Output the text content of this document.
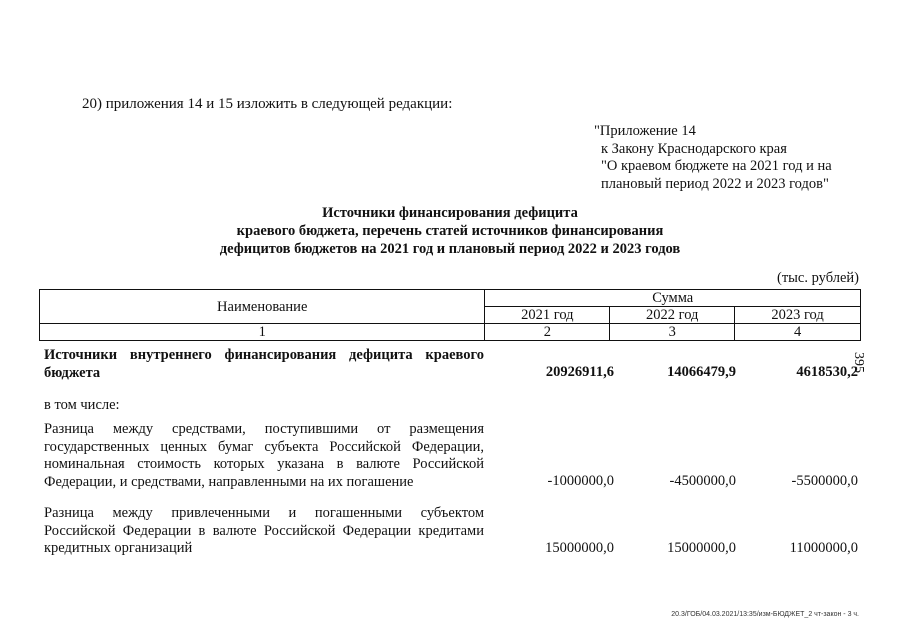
20) приложения 14 и 15 изложить в следующей редакции:
"Приложение 14
к Закону Краснодарского края
"О краевом бюджете на 2021 год и на
плановый период 2022 и 2023 годов"
Источники финансирования дефицита
краевого бюджета, перечень статей источников финансирования
дефицитов бюджетов на 2021 год и плановый период 2022 и 2023 годов
(тыс. рублей)
395
Наименование	Сумма		
	2021 год	2022 год	2023 год
1	2	3	4
Источники внутреннего финансирования дефицита краевого бюджета	20926911,6	14066479,9	4618530,2
в том числе:
Разница между средствами, поступившими от размещения государственных ценных бумаг субъекта Российской Федерации, номинальная стоимость которых указана в валюте Российской Федерации, и средствами, направленными на их погашение	-1000000,0	-4500000,0	-5500000,0
Разница между привлеченными и погашенными субъектом Российской Федерации в валюте Российской Федерации кредитами кредитных организаций	15000000,0	15000000,0	11000000,0
20.3/ГОБ/04.03.2021/13:35/изм-БЮДЖЕТ_2 чт-закон - 3 ч.
